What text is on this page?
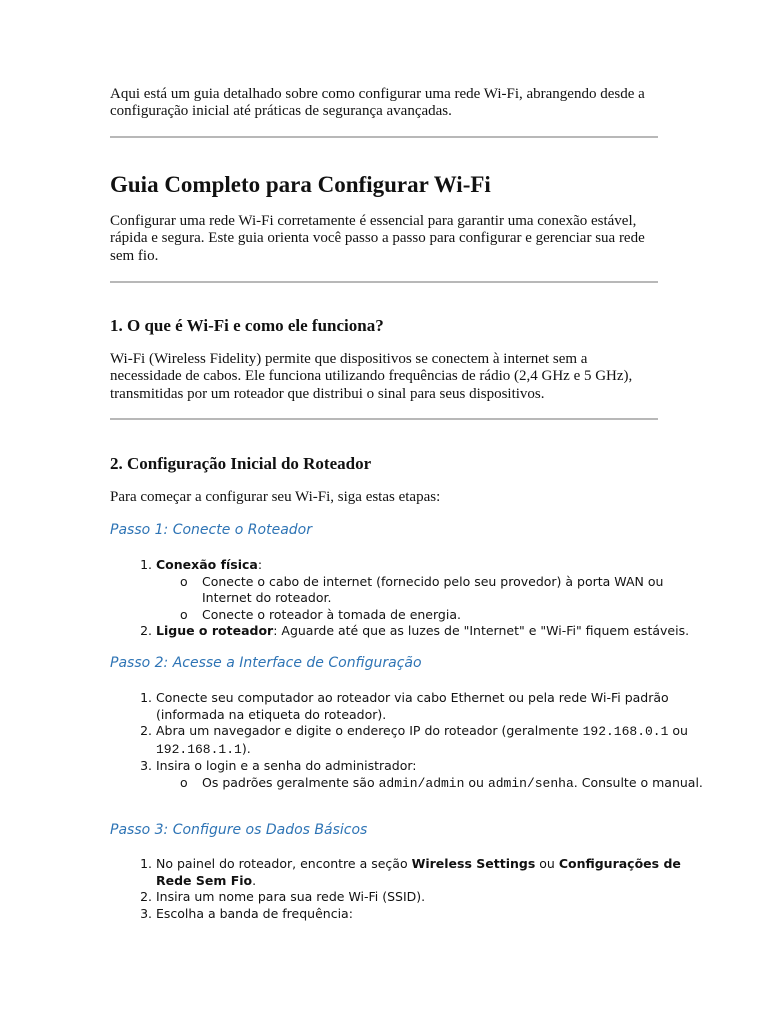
Aqui está um guia detalhado sobre como configurar uma rede Wi-Fi, abrangendo desde a configuração inicial até práticas de segurança avançadas.

Guia Completo para Configurar Wi-Fi

Configurar uma rede Wi-Fi corretamente é essencial para garantir uma conexão estável, rápida e segura. Este guia orienta você passo a passo para configurar e gerenciar sua rede sem fio.

1. O que é Wi-Fi e como ele funciona?

Wi-Fi (Wireless Fidelity) permite que dispositivos se conectem à internet sem a necessidade de cabos. Ele funciona utilizando frequências de rádio (2,4 GHz e 5 GHz), transmitidas por um roteador que distribui o sinal para seus dispositivos.

2. Configuração Inicial do Roteador

Para começar a configurar seu Wi-Fi, siga estas etapas:

Passo 1: Conecte o Roteador
1. Conexão física:
o Conecte o cabo de internet (fornecido pelo seu provedor) à porta WAN ou Internet do roteador.
o Conecte o roteador à tomada de energia.
2. Ligue o roteador: Aguarde até que as luzes de "Internet" e "Wi-Fi" fiquem estáveis.
Passo 2: Acesse a Interface de Configuração
1. Conecte seu computador ao roteador via cabo Ethernet ou pela rede Wi-Fi padrão (informada na etiqueta do roteador).
2. Abra um navegador e digite o endereço IP do roteador (geralmente 192.168.0.1 ou 192.168.1.1).
3. Insira o login e a senha do administrador:
o Os padrões geralmente são admin/admin ou admin/senha. Consulte o manual.
Passo 3: Configure os Dados Básicos
1. No painel do roteador, encontre a seção Wireless Settings ou Configurações de Rede Sem Fio.
2. Insira um nome para sua rede Wi-Fi (SSID).
3. Escolha a banda de frequência:
